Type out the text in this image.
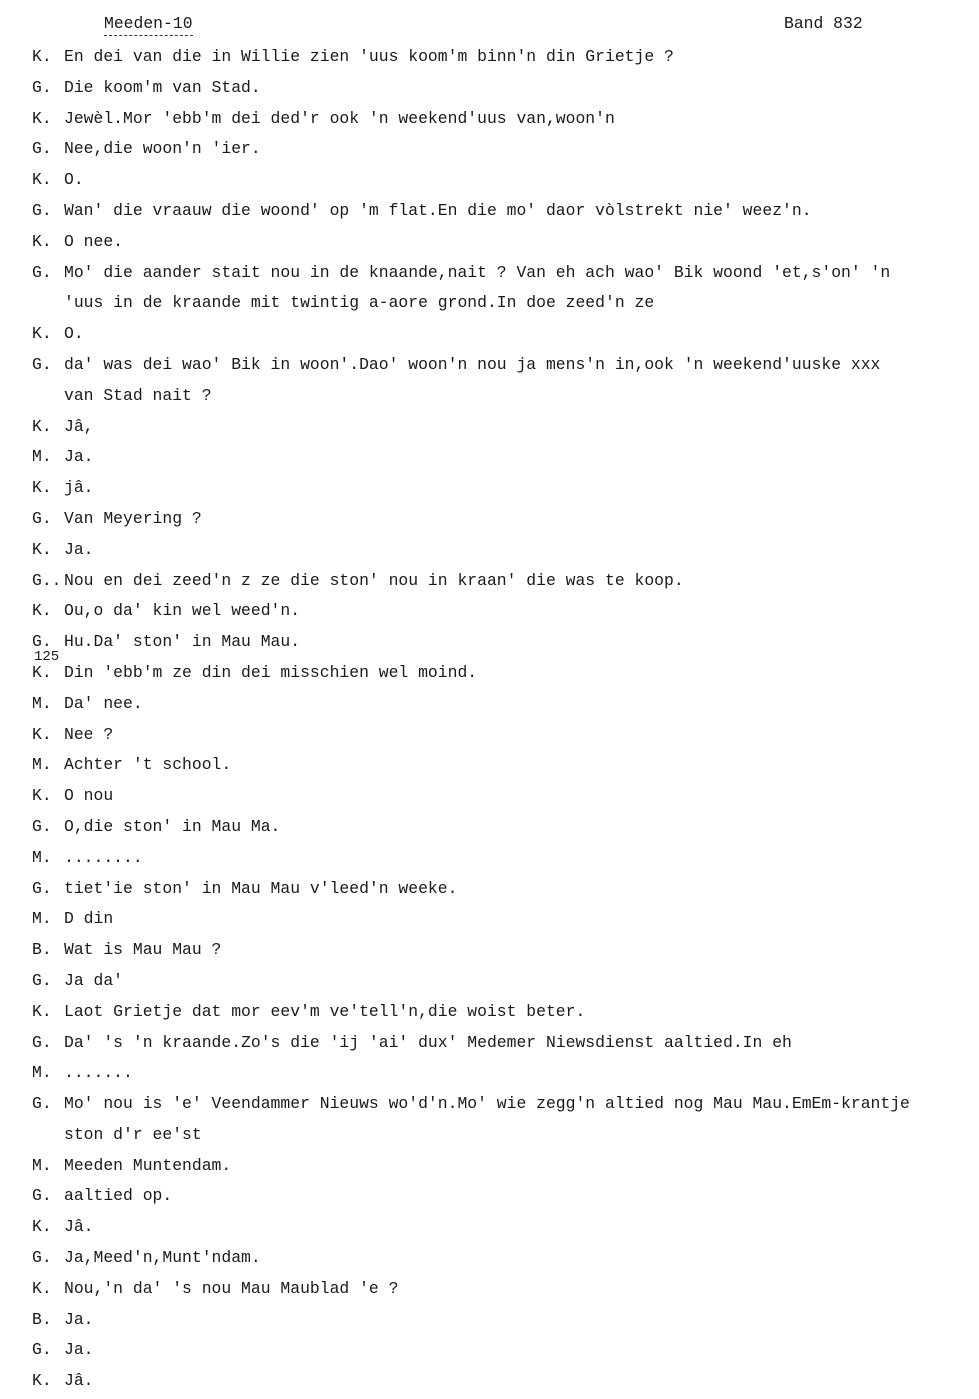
Meeden-10	Band 832
125
K. En dei van die in Willie zien 'uus koom'm binn'n din Grietje ?
G. Die koom'm van Stad.
K. Jewèl.Mor 'ebb'm dei ded'r ook 'n weekend'uus van,woon'n
G. Nee,die woon'n 'ier.
K. O.
G. Wan' die vraauw die woond' op 'm flat.En die mo' daor vòlstrekt nie' weez'n.
K. O nee.
G. Mo' die aander stait nou in de knaande,nait ? Van eh ach wao' Bik woond 'et,s'on' 'n
'uus in de kraande mit twintig a-aore grond.In doe zeed'n ze
K. O.
G. da' was dei wao' Bik in woon'.Dao' woon'n nou ja mens'n in,ook 'n weekend'uuske xxx
van Stad nait ?
K. Jâ,
M. Ja.
K. jâ.
G. Van Meyering ?
K. Ja.
G.. Nou en dei zeed'n z ze die ston' nou in kraan' die was te koop.
K. Ou,o da' kin wel weed'n.
G. Hu.Da' ston' in Mau Mau.
K. Din 'ebb'm ze din dei misschien wel moind.
M. Da' nee.
K. Nee ?
M. Achter 't school.
K. O nou
G. O,die ston' in Mau Ma.
M. ........
G. tiet'ie ston' in Mau Mau v'leed'n weeke.
M. D din
B. Wat is Mau Mau ?
G. Ja da'
K. Laot Grietje dat mor eev'm ve'tell'n,die woist beter.
G. Da' 's 'n kraande.Zo's die 'ij 'ai' dux' Medemer Niewsdienst aaltied.In eh
M. .......
G. Mo' nou is 'e' Veendammer Nieuws wo'd'n.Mo' wie zegg'n altied nog Mau Mau.EmEm-krantje
ston d'r ee'st
M. Meeden Muntendam.
G. aaltied op.
K. Jâ.
G. Ja,Meed'n,Munt'ndam.
K. Nou,'n da' 's nou Mau Maublad 'e ?
B. Ja.
G. Ja.
K. Jâ.
